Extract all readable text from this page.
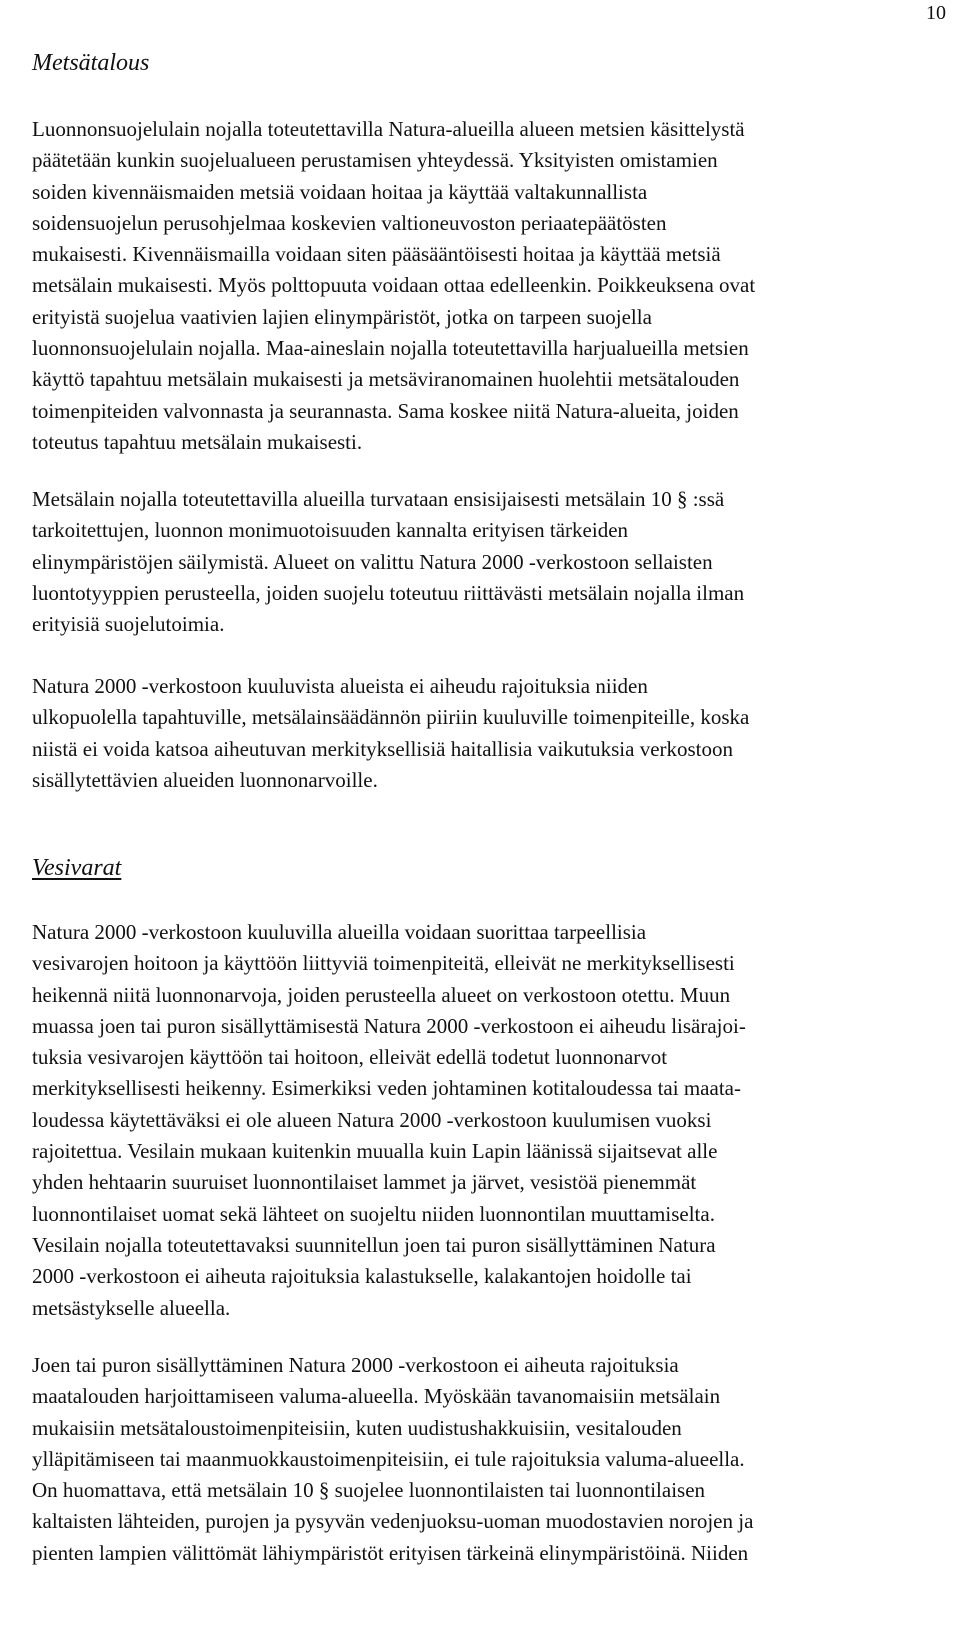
10
Metsätalous
Luonnonsuojelulain nojalla toteutettavilla Natura-alueilla alueen metsien käsittelystä
päätetään kunkin suojelualueen perustamisen yhteydessä. Yksityisten omistamien
soiden kivennäismaiden metsiä voidaan hoitaa ja käyttää valtakunnallista
soidensuojelun perusohjelmaa koskevien valtioneuvoston periaatepäätösten
mukaisesti. Kivennäismailla voidaan siten pääsääntöisesti hoitaa ja käyttää metsiä
metsälain mukaisesti. Myös polttopuuta voidaan ottaa edelleenkin. Poikkeuksena ovat
erityistä suojelua vaativien lajien elinympäristöt, jotka on tarpeen suojella
luonnonsuojelulain nojalla. Maa-aineslain nojalla toteutettavilla harjualueilla metsien
käyttö tapahtuu metsälain mukaisesti ja metsäviranomainen huolehtii metsätalouden
toimenpiteiden valvonnasta ja seurannasta. Sama koskee niitä Natura-alueita, joiden
toteutus tapahtuu metsälain mukaisesti.
Metsälain nojalla toteutettavilla alueilla turvataan ensisijaisesti metsälain 10 § :ssä
tarkoitettujen, luonnon monimuotoisuuden kannalta erityisen tärkeiden
elinympäristöjen säilymistä. Alueet on valittu Natura 2000 -verkostoon sellaisten
luontotyyppien perusteella, joiden suojelu toteutuu riittävästi metsälain nojalla ilman
erityisiä suojelutoimia.
Natura 2000 -verkostoon kuuluvista alueista ei aiheudu rajoituksia niiden
ulkopuolella tapahtuville, metsälainsäädännön piiriin kuuluville toimenpiteille, koska
niistä ei voida katsoa aiheutuvan merkityksellisiä haitallisia vaikutuksia verkostoon
sisällytettävien alueiden luonnonarvoille.
Vesivarat
Natura 2000 -verkostoon kuuluvilla alueilla voidaan suorittaa tarpeellisia
vesivarojen hoitoon ja käyttöön liittyviä toimenpiteitä, elleivät ne merkityksellisesti
heikennä niitä luonnonarvoja, joiden perusteella alueet on verkostoon otettu. Muun
muassa joen tai puron sisällyttämisestä Natura 2000 -verkostoon ei aiheudu lisärajoi-
tuksia vesivarojen käyttöön tai hoitoon, elleivät edellä todetut luonnonarvot
merkityksellisesti heikenny. Esimerkiksi veden johtaminen kotitaloudessa tai maata-
loudessa käytettäväksi ei ole alueen Natura 2000 -verkostoon kuulumisen vuoksi
rajoitettua. Vesilain mukaan kuitenkin muualla kuin Lapin läänissä sijaitsevat alle
yhden hehtaarin suuruiset luonnontilaiset lammet ja järvet, vesistöä pienemmät
luonnontilaiset uomat sekä lähteet on suojeltu niiden luonnontilan muuttamiselta.
Vesilain nojalla toteutettavaksi suunnitellun joen tai puron sisällyttäminen Natura
2000 -verkostoon ei aiheuta rajoituksia kalastukselle, kalakantojen hoidolle tai
metsästykselle alueella.
Joen tai puron sisällyttäminen Natura 2000 -verkostoon ei aiheuta rajoituksia
maatalouden harjoittamiseen valuma-alueella. Myöskään tavanomaisiin metsälain
mukaisiin metsätaloustoimenpiteisiin, kuten uudistushakkuisiin, vesitalouden
ylläpitämiseen tai maanmuokkaustoimenpiteisiin, ei tule rajoituksia valuma-alueella.
On huomattava, että metsälain 10 § suojelee luonnontilaisten tai luonnontilaisen
kaltaisten lähteiden, purojen ja pysyvän vedenjuoksu-uoman muodostavien norojen ja
pienten lampien välittömät lähiympäristöt erityisen tärkeinä elinympäristöinä. Niiden
